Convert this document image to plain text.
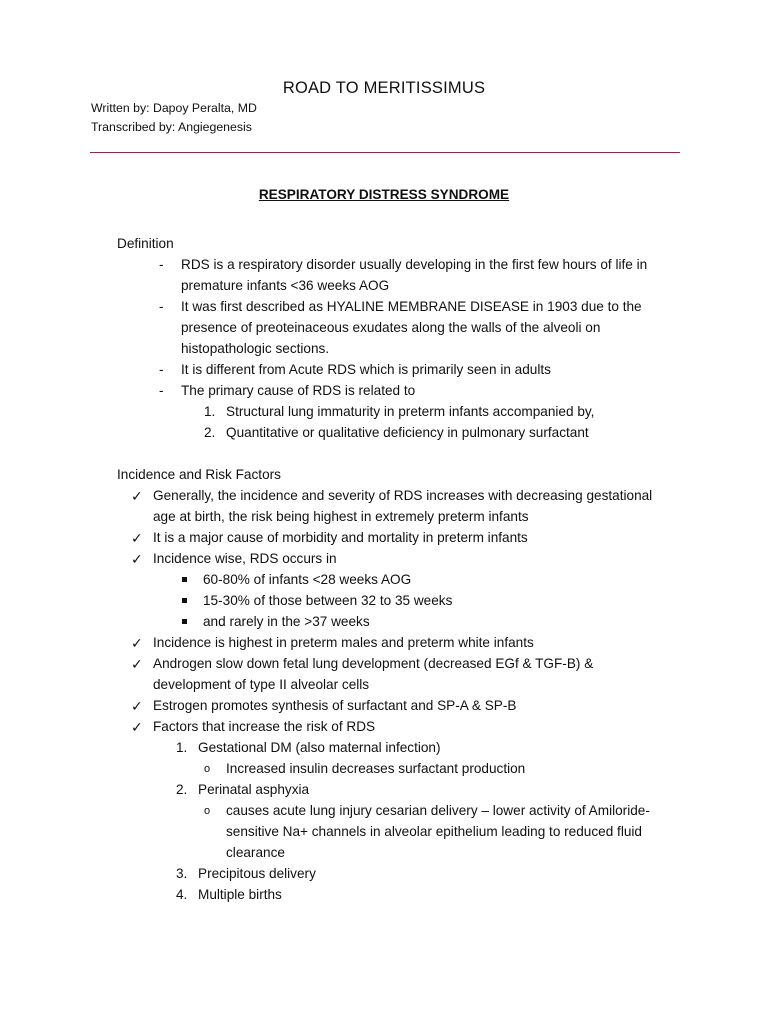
ROAD TO MERITISSIMUS
Written by: Dapoy Peralta, MD
Transcribed by: Angiegenesis
RESPIRATORY DISTRESS SYNDROME
Definition
- RDS is a respiratory disorder usually developing in the first few hours of life in
premature infants <36 weeks AOG
- It was first described as HYALINE MEMBRANE DISEASE in 1903 due to the
presence of preoteinaceous exudates along the walls of the alveoli on
histopathologic sections.
- It is different from Acute RDS which is primarily seen in adults
- The primary cause of RDS is related to
1. Structural lung immaturity in preterm infants accompanied by,
2. Quantitative or qualitative deficiency in pulmonary surfactant
Incidence and Risk Factors
✓ Generally, the incidence and severity of RDS increases with decreasing gestational
age at birth, the risk being highest in extremely preterm infants
✓ It is a major cause of morbidity and mortality in preterm infants
✓ Incidence wise, RDS occurs in
60-80% of infants <28 weeks AOG
15-30% of those between 32 to 35 weeks
and rarely in the >37 weeks
✓ Incidence is highest in preterm males and preterm white infants
✓ Androgen slow down fetal lung development (decreased EGf & TGF-B) &
development of type II alveolar cells
✓ Estrogen promotes synthesis of surfactant and SP-A & SP-B
✓ Factors that increase the risk of RDS
1. Gestational DM (also maternal infection)
o Increased insulin decreases surfactant production
2. Perinatal asphyxia
o causes acute lung injury cesarian delivery – lower activity of Amiloride-
sensitive Na+ channels in alveolar epithelium leading to reduced fluid
clearance
3. Precipitous delivery
4. Multiple births
